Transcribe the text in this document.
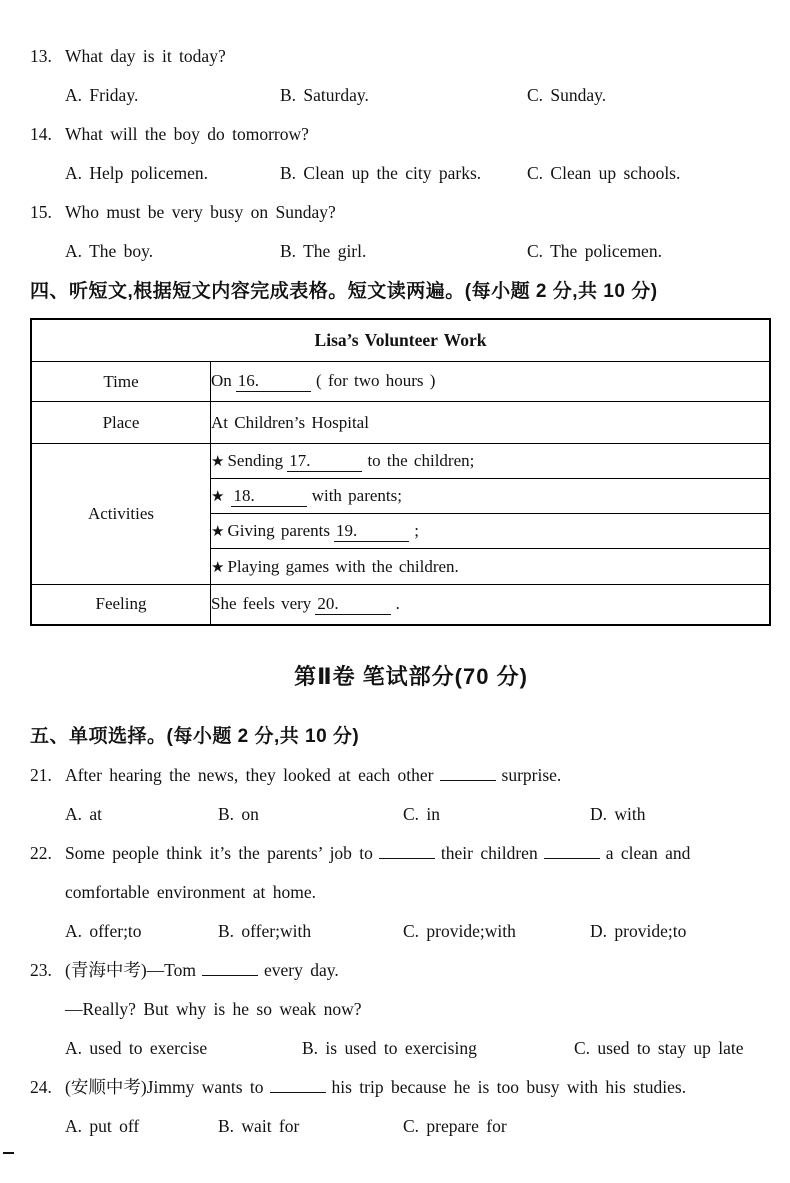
13. What day is it today?
A. Friday.	B. Saturday.	C. Sunday.
14. What will the boy do tomorrow?
A. Help policemen.	B. Clean up the city parks.	C. Clean up schools.
15. Who must be very busy on Sunday?
A. The boy.	B. The girl.	C. The policemen.
四、听短文,根据短文内容完成表格。短文读两遍。(每小题 2 分,共 10 分)
Lisa’s Volunteer Work	
Time	On 16. ( for two hours )
Place	At Children’s Hospital
Activities	★ Sending 17. to the children;
	★ 18. with parents;
	★ Giving parents 19. ;
	★ Playing games with the children.
Feeling	She feels very 20. .
第Ⅱ卷 笔试部分(70 分)
五、单项选择。(每小题 2 分,共 10 分)
21. After hearing the news, they looked at each other	surprise.
A. at	B. on	C. in	D. with
22. Some people think it’s the parents’ job to	their children	a clean and
comfortable environment at home.
A. offer;to	B. offer;with	C. provide;with	D. provide;to
23. (青海中考)—Tom	every day.
—Really? But why is he so weak now?
A. used to exercise	B. is used to exercising	C. used to stay up late
24. (安顺中考)Jimmy wants to	his trip because he is too busy with his studies.
A. put off	B. wait for	C. prepare for
